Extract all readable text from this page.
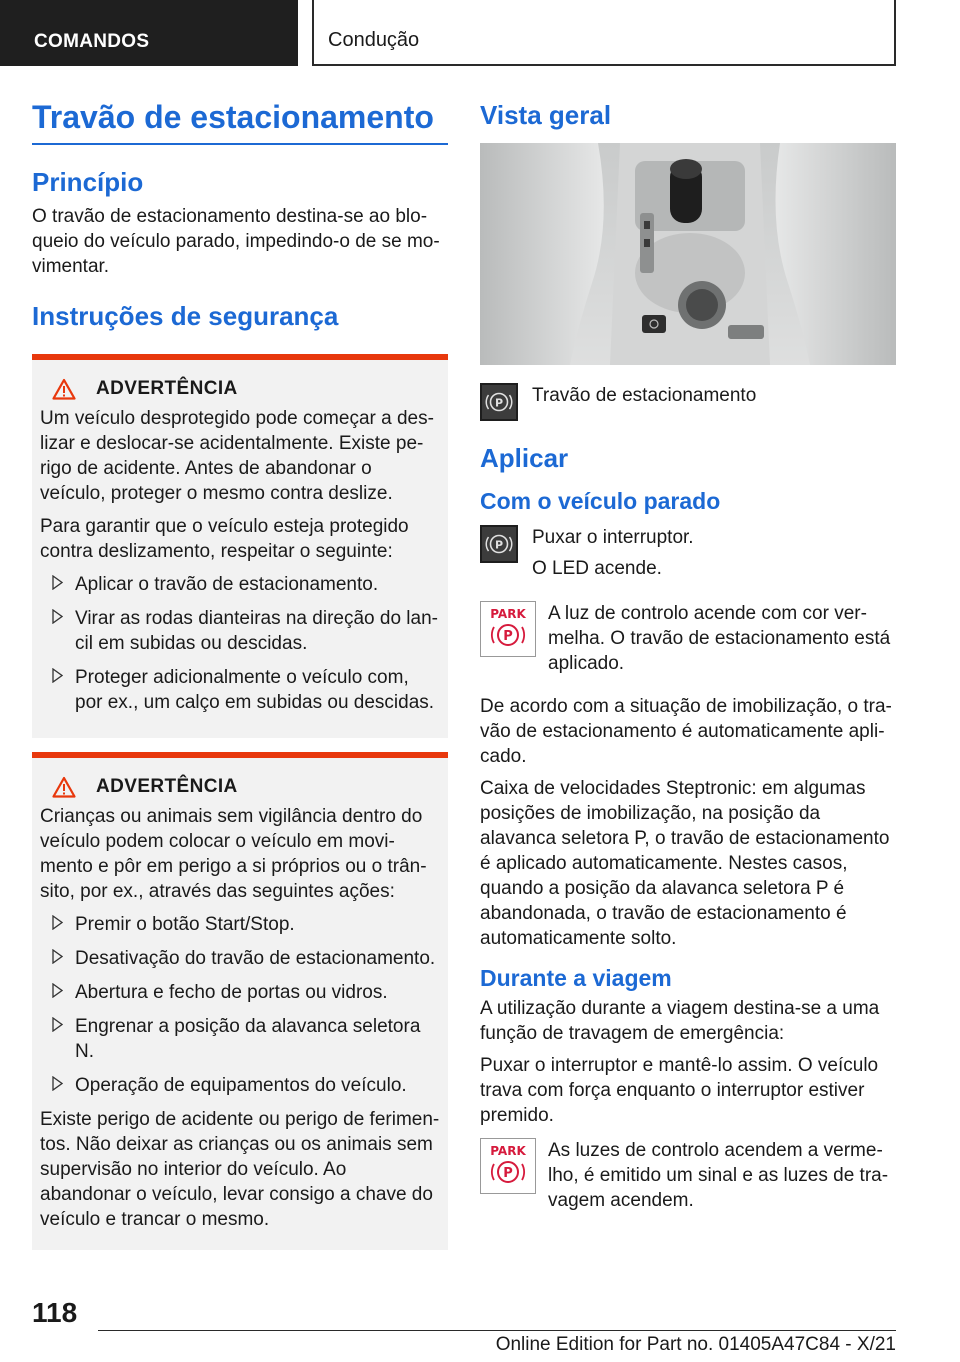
COMANDOS	Condução
Travão de estacionamento
Princípio

O travão de estacionamento destina-se ao bloqueio do veículo parado, impedindo-o de se movimentar.

Instruções de segurança
ADVERTÊNCIA

Um veículo desprotegido pode começar a deslizar e deslocar-se acidentalmente. Existe perigo de acidente. Antes de abandonar o veículo, proteger o mesmo contra deslize.

Para garantir que o veículo esteja protegido contra deslizamento, respeitar o seguinte:

Aplicar o travão de estacionamento.
Virar as rodas dianteiras na direção do lancil em subidas ou descidas.
Proteger adicionalmente o veículo com, por ex., um calço em subidas ou descidas.
ADVERTÊNCIA

Crianças ou animais sem vigilância dentro do veículo podem colocar o veículo em movimento e pôr em perigo a si próprios ou o trânsito, por ex., através das seguintes ações:

Premir o botão Start/Stop.
Desativação do travão de estacionamento.
Abertura e fecho de portas ou vidros.
Engrenar a posição da alavanca seletora N.
Operação de equipamentos do veículo.

Existe perigo de acidente ou perigo de ferimentos. Não deixar as crianças ou os animais sem supervisão no interior do veículo. Ao abandonar o veículo, levar consigo a chave do veículo e trancar o mesmo.

Vista geral
P Travão de estacionamento

Aplicar
Com o veículo parado
P Puxar o interruptor.

O LED acende.

PARK
P

A luz de controlo acende com cor vermelha. O travão de estacionamento está aplicado.

De acordo com a situação de imobilização, o travão de estacionamento é automaticamente aplicado.

Caixa de velocidades Steptronic: em algumas posições de imobilização, na posição da alavanca seletora P, o travão de estacionamento é aplicado automaticamente. Nestes casos, quando a posição da alavanca seletora P é abandonada, o travão de estacionamento é automaticamente solto.

Durante a viagem

A utilização durante a viagem destina-se a uma função de travagem de emergência:

Puxar o interruptor e mantê-lo assim. O veículo trava com força enquanto o interruptor estiver premido.

PARK
P

As luzes de controlo acendem a vermelho, é emitido um sinal e as luzes de travagem acendem.

118
Online Edition for Part no. 01405A47C84 - X/21
